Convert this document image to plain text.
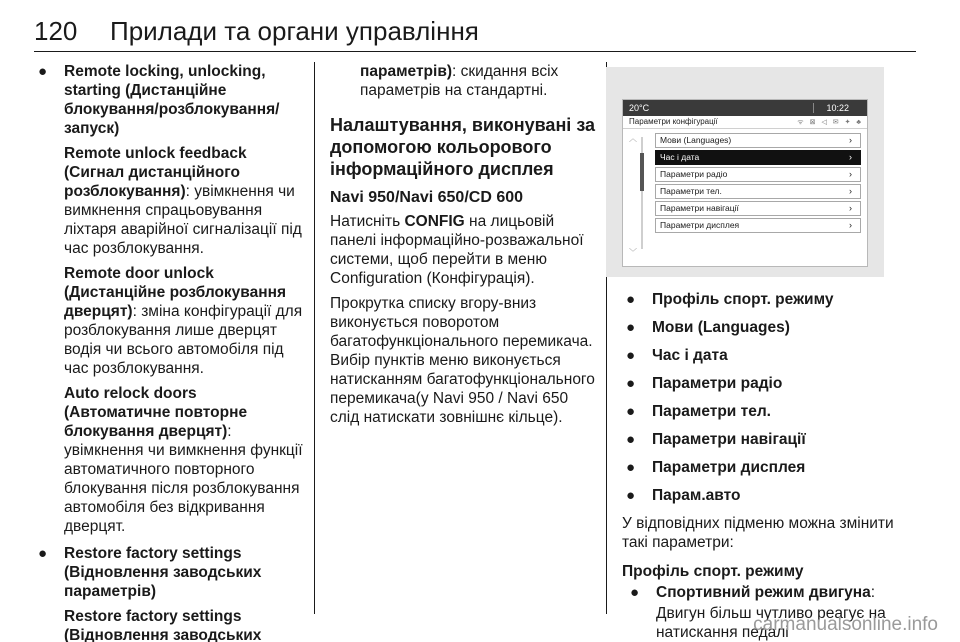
120 Прилади та органи управління
● Remote locking, unlocking, starting (Дистанційне блокування/розблокування/запуск)

Remote unlock feedback (Сигнал дистанційного розблокування): увімкнення чи вимкнення спрацьовування ліхтаря аварійної сигналізації під час розблокування.

Remote door unlock (Дистанційне розблокування дверцят): зміна конфігурації для розблокування лише дверцят водія чи всього автомобіля під час розблокування.

Auto relock doors (Автоматичне повторне блокування дверцят): увімкнення чи вимкнення функції автоматичного повторного блокування після розблокування автомобіля без відкривання дверцят.

● Restore factory settings (Відновлення заводських параметрів)

Restore factory settings (Відновлення заводських

параметрів): скидання всіх параметрів на стандартні.

Налаштування, виконувані за допомогою кольорового інформаційного дисплея
Navi 950/Navi 650/CD 600

Натисніть CONFIG на лицьовій панелі інформаційно-розважальної системи, щоб перейти в меню Configuration (Конфігурація).

Прокрутка списку вгору-вниз виконується поворотом багатофункціонального перемикача. Вибір пунктів меню виконується натисканням багатофункціонального перемикача(у Navi 950 / Navi 650 слід натискати зовнішнє кільце).

20°C	10:22
Параметри конфігурації	ᯤ ⊠ ◁ ✉ ✦ ♣
︿
﹀
Мови (Languages)	›
Час і дата	›
Параметри радіо	›
Параметри тел.	›
Параметри навігації	›
Параметри дисплея	›
● Профіль спорт. режиму
● Мови (Languages)
● Час і дата
● Параметри радіо
● Параметри тел.
● Параметри навігації
● Параметри дисплея
● Парам.авто

У відповідних підменю можна змінити такі параметри:

Профіль спорт. режиму

● Спортивний режим двигуна:

Двигун більш чутливо реагує на натискання педалі

carmanualsonline.info
